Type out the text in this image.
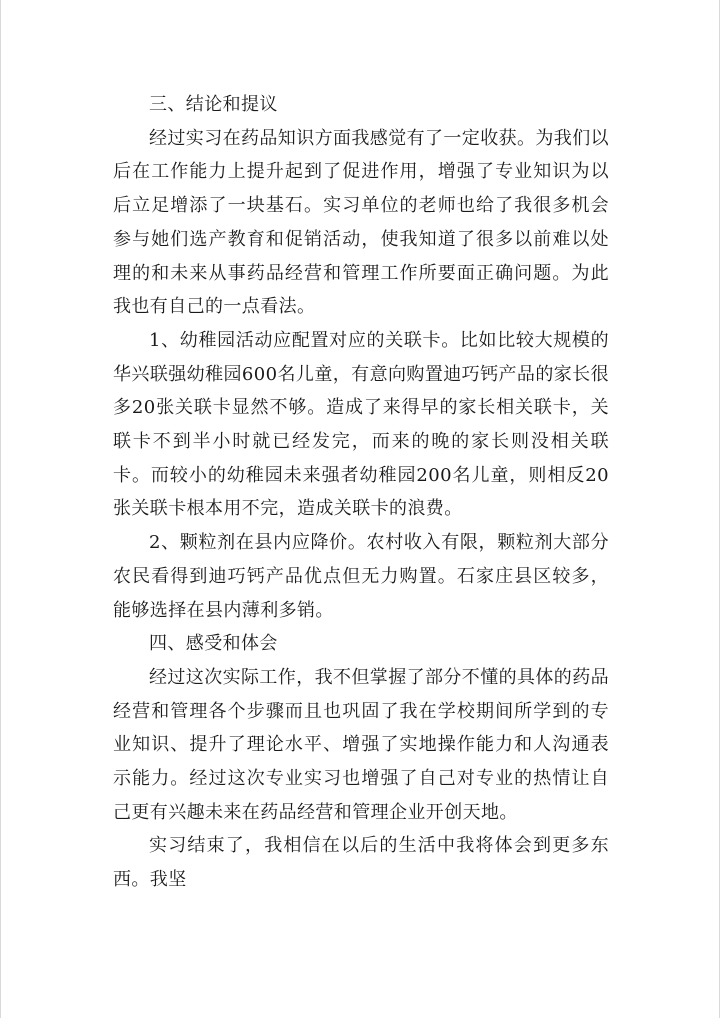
三、结论和提议

经过实习在药品知识方面我感觉有了一定收获。为我们以后在工作能力上提升起到了促进作用，增强了专业知识为以后立足增添了一块基石。实习单位的老师也给了我很多机会参与她们选产教育和促销活动，使我知道了很多以前难以处理的和未来从事药品经营和管理工作所要面正确问题。为此我也有自己的一点看法。

1、幼稚园活动应配置对应的关联卡。比如比较大规模的华兴联强幼稚园600名儿童，有意向购置迪巧钙产品的家长很多20张关联卡显然不够。造成了来得早的家长相关联卡，关联卡不到半小时就已经发完，而来的晚的家长则没相关联卡。而较小的幼稚园未来强者幼稚园200名儿童，则相反20张关联卡根本用不完，造成关联卡的浪费。

2、颗粒剂在县内应降价。农村收入有限，颗粒剂大部分农民看得到迪巧钙产品优点但无力购置。石家庄县区较多，能够选择在县内薄利多销。

四、感受和体会

经过这次实际工作，我不但掌握了部分不懂的具体的药品经营和管理各个步骤而且也巩固了我在学校期间所学到的专业知识、提升了理论水平、增强了实地操作能力和人沟通表示能力。经过这次专业实习也增强了自己对专业的热情让自己更有兴趣未来在药品经营和管理企业开创天地。

实习结束了，我相信在以后的生活中我将体会到更多东西。我坚
